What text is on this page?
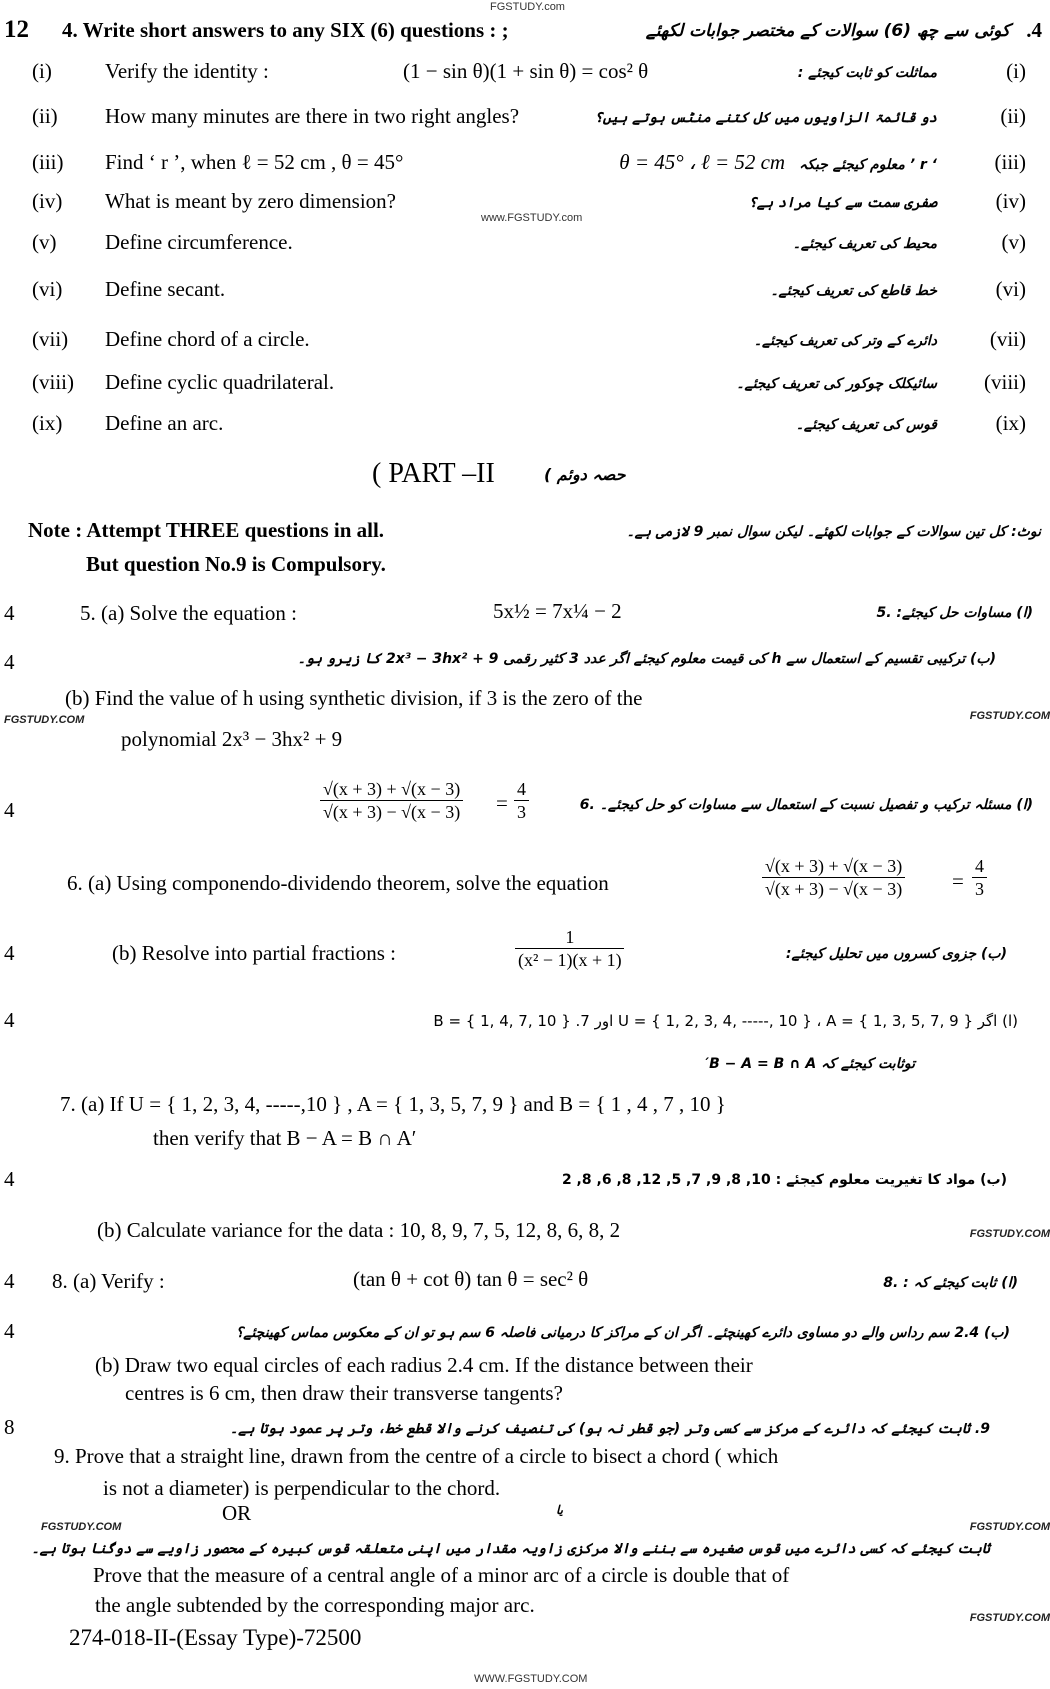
FGSTUDY.com
12 4. Write short answers to any SIX (6) questions : ;	کوئی سے چھ (6) سوالات کے مختصر جوابات لکھئے .4
(i)	Verify the identity :	(1 − sin θ)(1 + sin θ) = cos² θ	مماثلت کو ثابت کیجئے :	(i)
(ii) How many minutes are there in two right angles?	دو قائمۃ الزاویوں میں کل کتنے منٹس ہوتے ہیں؟	(ii)
(iii) Find ‘ r ’, when ℓ = 52 cm , θ = 45°	θ = 45° ، ℓ = 52 cm ‘ r ’ معلوم کیجئے جبکہ	(iii)
(iv) What is meant by zero dimension?	صفری سمت سے کیا مراد ہے؟	(iv)
(v) Define circumference.	محیط کی تعریف کیجئے۔	(v)
(vi) Define secant.	خط قاطع کی تعریف کیجئے۔	(vi)
(vii) Define chord of a circle.	دائرے کے وتر کی تعریف کیجئے۔	(vii)
(viii) Define cyclic quadrilateral.	سائیکلک چوکور کی تعریف کیجئے۔ (viii)
(ix) Define an arc.	قوس کی تعریف کیجئے۔	(ix)
www.FGSTUDY.com
( PART –II	حصہ دوئم )
Note : Attempt THREE questions in all.
But question No.9 is Compulsory.
نوٹ: کل تین سوالات کے جوابات لکھئے۔ لیکن سوال نمبر 9 لازمی ہے۔
4	5. (a) Solve the equation :	5x½ = 7x¼ − 2	(ا) مساوات حل کیجئے: .5
4	(ب) ترکیبی تقسیم کے استعمال سے h کی قیمت معلوم کیجئے اگر عدد 3 کثیر رقمی 2x³ − 3hx² + 9 کا زیرو ہو۔
(b) Find the value of h using synthetic division, if 3 is the zero of the
polynomial 2x³ − 3hx² + 9
FGSTUDY.COM	FGSTUDY.COM
4	$\frac{√(x + 3) + √(x - 3)}{√(x + 3) - √(x - 3)} = \frac{4}{3}$	(ا) مسئلہ ترکیب و تفصیل نسبت کے استعمال سے مساوات کو حل کیجئے۔ .6
6. (a) Using componendo-dividendo theorem, solve the equation	$\frac{√(x + 3) + √(x - 3)}{√(x + 3) - √(x - 3)} = \frac{4}{3}$
4	(b) Resolve into partial fractions :	$\frac{1}{\text{(x² − 1)(x + 1)}}$	(ب) جزوی کسروں میں تحلیل کیجئے:
4	(ا) اگر U = { 1, 2, 3, 4, -----, 10 } ، A = { 1, 3, 5, 7, 9 } اور B = { 1, 4, 7, 10 } .7
توثابت کیجئے کہ B − A = B ∩ A′
7. (a) If U = { 1, 2, 3, 4, -----,10 } , A = { 1, 3, 5, 7, 9 } and B = { 1 , 4 , 7 , 10 }
then verify that B − A = B ∩ A′
4	(ب) مواد کا تغیریت معلوم کیجئے : 10, 8, 9, 7, 5, 12, 8, 6, 8, 2
(b) Calculate variance for the data : 10, 8, 9, 7, 5, 12, 8, 6, 8, 2	FGSTUDY.COM
4 8. (a) Verify :	(tan θ + cot θ) tan θ = sec² θ	(ا) ثابت کیجئے کہ : .8
4	(ب) 2.4 سم رداس والے دو مساوی دائرے کھینچئے۔ اگر ان کے مراکز کا درمیانی فاصلہ 6 سم ہو تو ان کے معکوس مماس کھینچئے؟
(b) Draw two equal circles of each radius 2.4 cm. If the distance between their
centres is 6 cm, then draw their transverse tangents?
8	9. ثابت کیجئے کہ دائرے کے مرکز سے کسی وتر (جو قطر نہ ہو) کی تنصیف کرنے والا قطع خط، وتر پر عمود ہوتا ہے۔
9. Prove that a straight line, drawn from the centre of a circle to bisect a chord ( which
is not a diameter) is perpendicular to the chord.
OR	یا
FGSTUDY.COM	FGSTUDY.COM
ثابت کیجئے کہ کسی دائرے میں قوس صغیرہ سے بننے والا مرکزی زاویہ مقدار میں اپنی متعلقہ قوس کبیرہ کے محصور زاویے سے دوگنا ہوتا ہے۔
Prove that the measure of a central angle of a minor arc of a circle is double that of
the angle subtended by the corresponding major arc.
FGSTUDY.COM
274-018-II-(Essay Type)-72500
WWW.FGSTUDY.COM
